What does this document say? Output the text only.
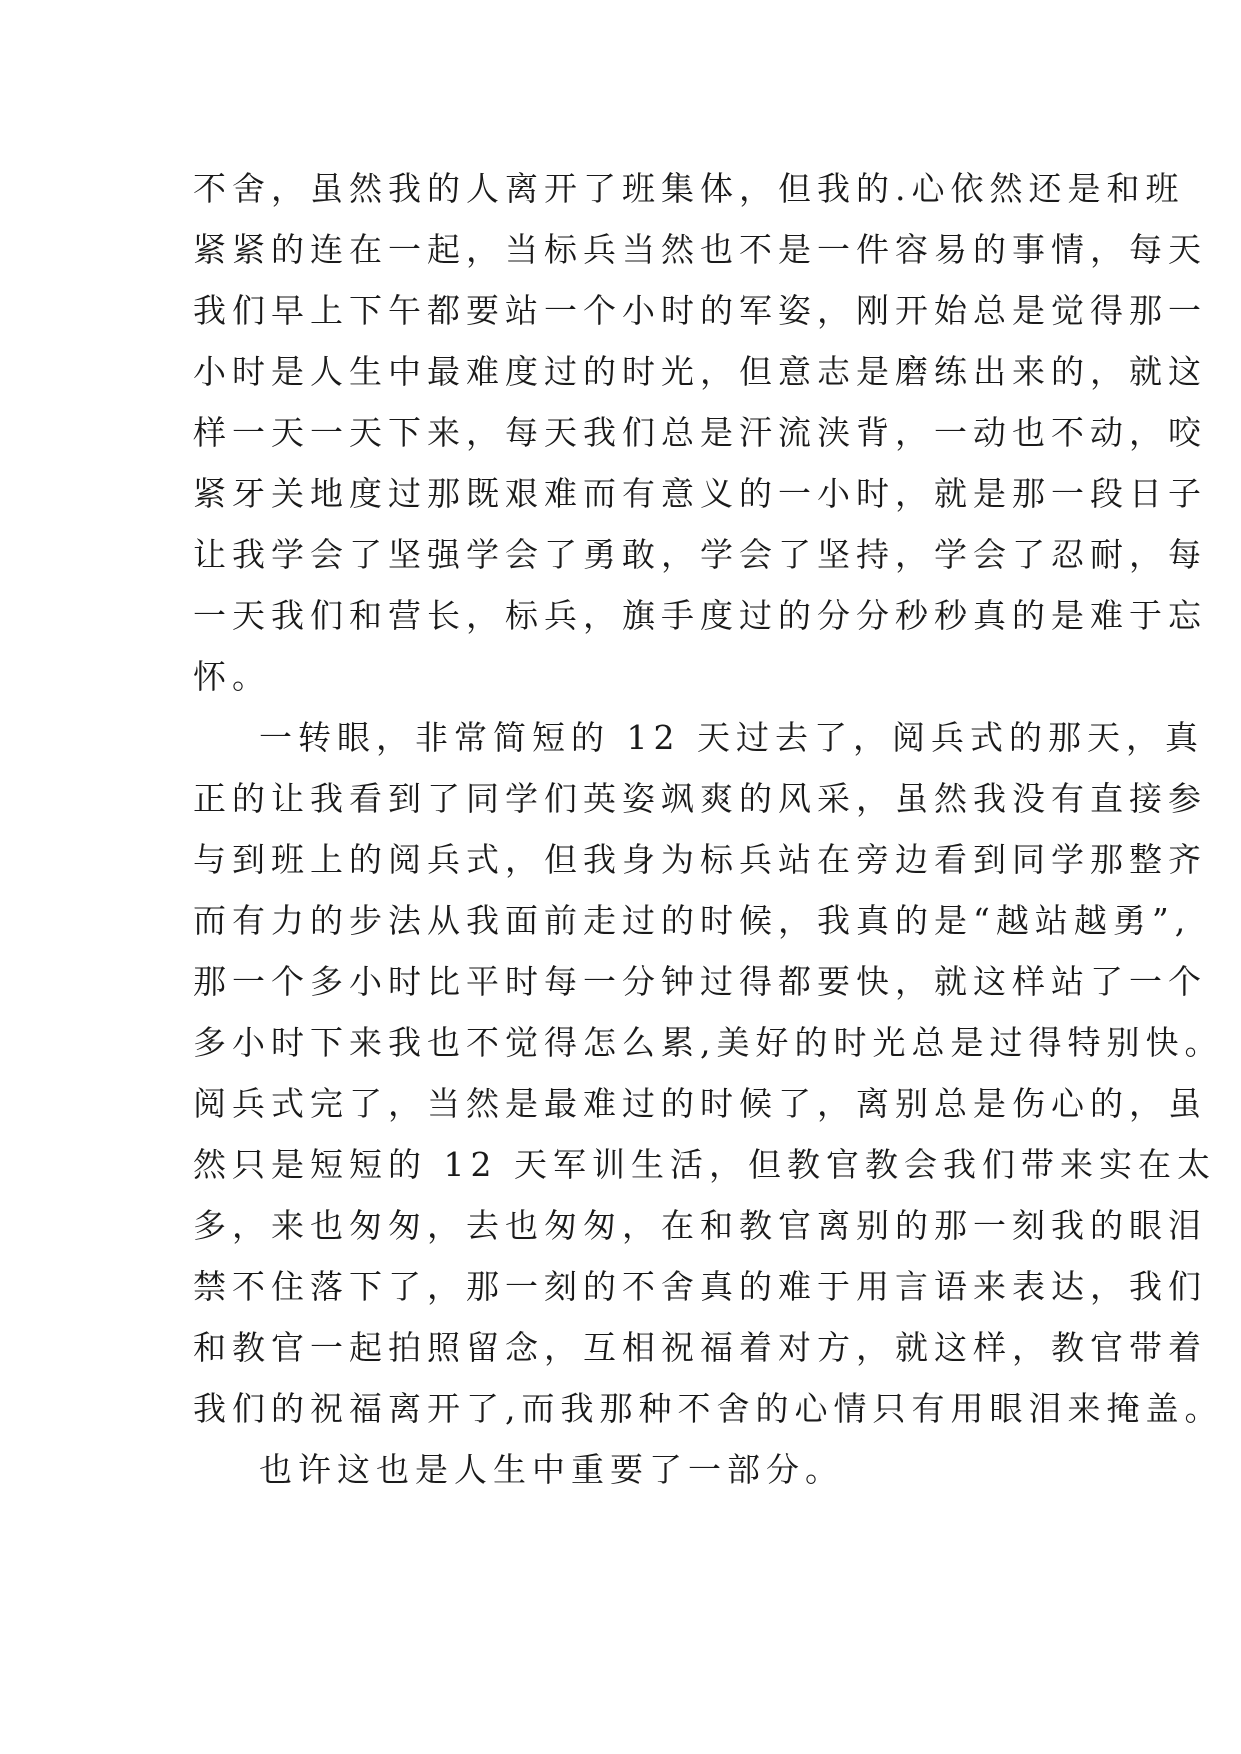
不舍，虽然我的人离开了班集体，但我的.心依然还是和班
紧紧的连在一起，当标兵当然也不是一件容易的事情，每天
我们早上下午都要站一个小时的军姿，刚开始总是觉得那一
小时是人生中最难度过的时光，但意志是磨练出来的，就这
样一天一天下来，每天我们总是汗流浃背，一动也不动，咬
紧牙关地度过那既艰难而有意义的一小时，就是那一段日子
让我学会了坚强学会了勇敢，学会了坚持，学会了忍耐，每
一天我们和营长，标兵，旗手度过的分分秒秒真的是难于忘
怀。
一转眼，非常简短的 12 天过去了，阅兵式的那天，真
正的让我看到了同学们英姿飒爽的风采，虽然我没有直接参
与到班上的阅兵式，但我身为标兵站在旁边看到同学那整齐
而有力的步法从我面前走过的时候，我真的是“越站越勇”,
那一个多小时比平时每一分钟过得都要快，就这样站了一个
多小时下来我也不觉得怎么累,美好的时光总是过得特别快。
阅兵式完了，当然是最难过的时候了，离别总是伤心的，虽
然只是短短的 12 天军训生活，但教官教会我们带来实在太
多，来也匆匆，去也匆匆，在和教官离别的那一刻我的眼泪
禁不住落下了，那一刻的不舍真的难于用言语来表达，我们
和教官一起拍照留念，互相祝福着对方，就这样，教官带着
我们的祝福离开了,而我那种不舍的心情只有用眼泪来掩盖。
也许这也是人生中重要了一部分。
